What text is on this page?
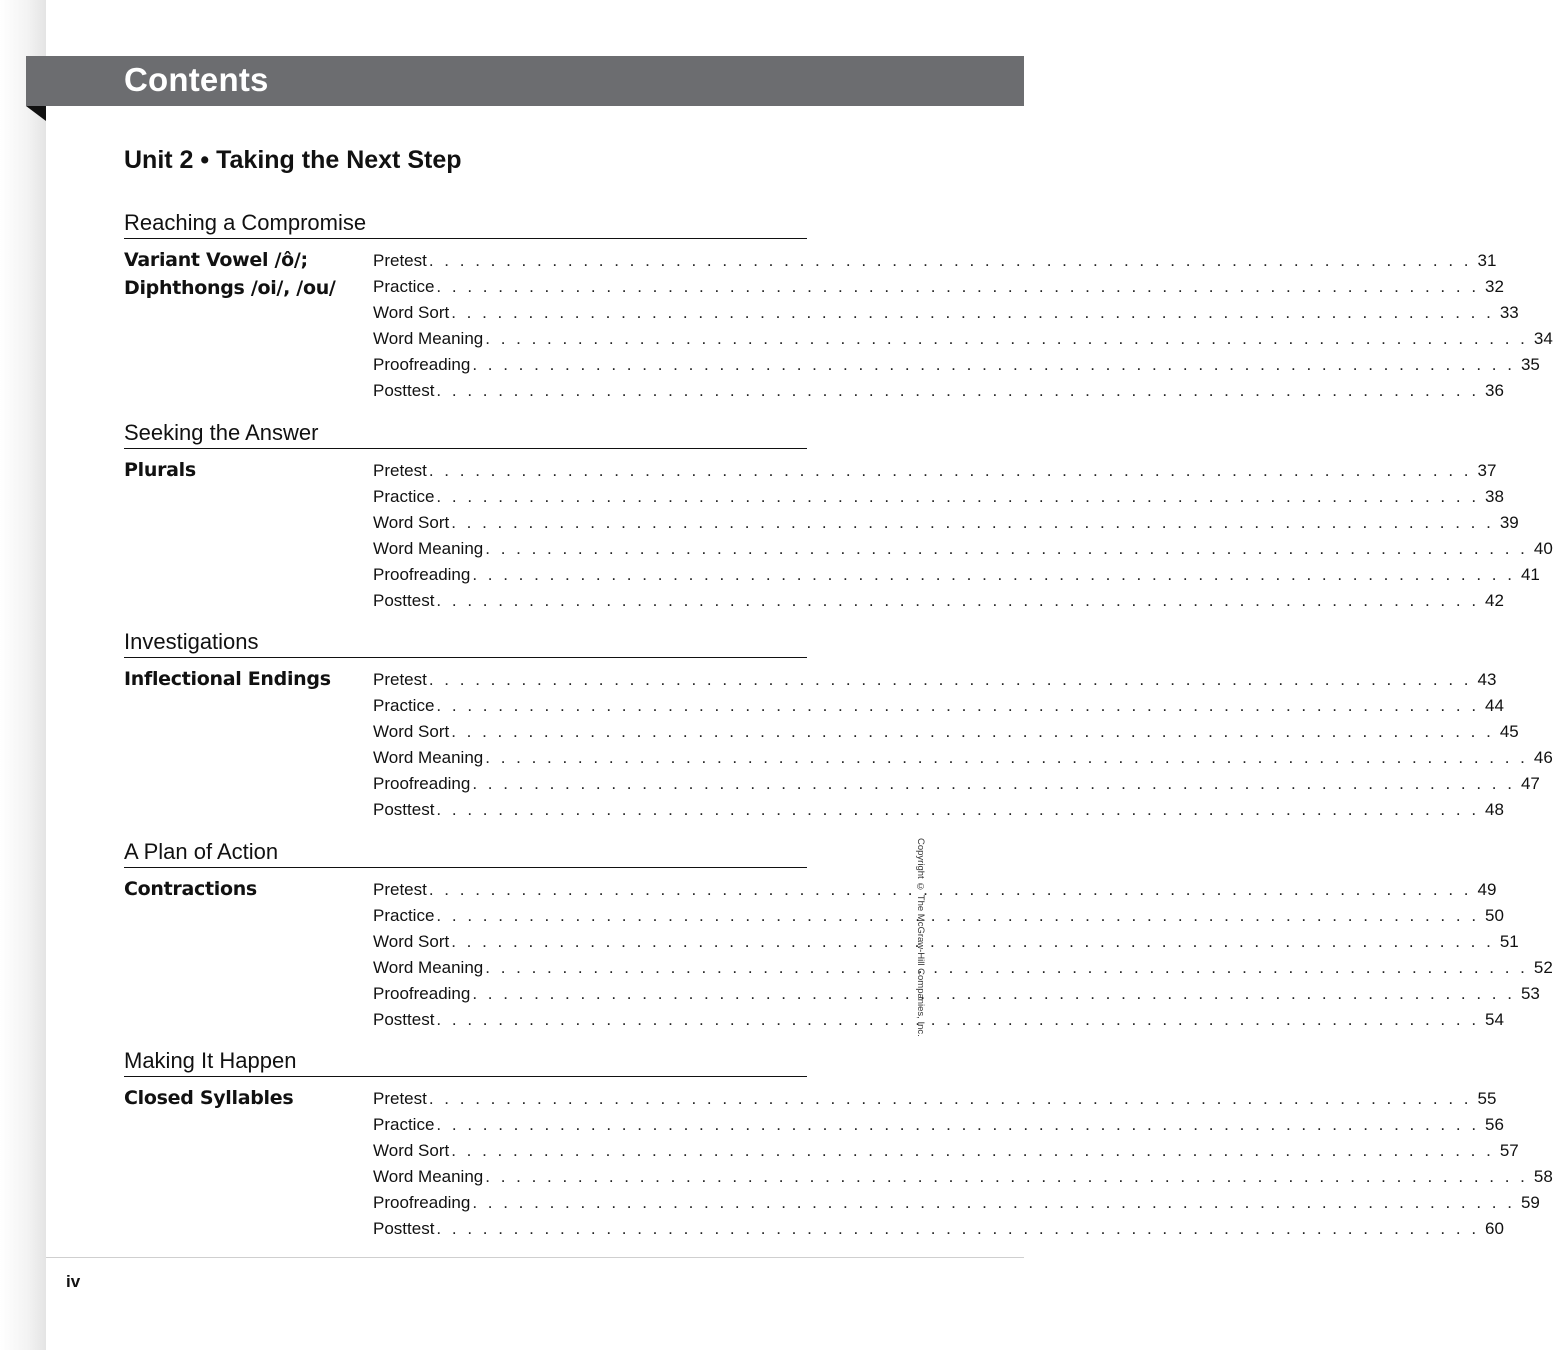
Contents
Unit 2 • Taking the Next Step
Reaching a Compromise
Variant Vowel /ô/;
Diphthongs /oi/, /ou/
Pretest . . . . . . . . . . . . . . . . . . . . . . . . . . . . . . . . . . . . . . . . . . . . . . . . . . . . . . . . . . . . . . . . . . . . 31
Practice . . . . . . . . . . . . . . . . . . . . . . . . . . . . . . . . . . . . . . . . . . . . . . . . . . . . . . . . . . . . . . . . . . . . 32
Word Sort . . . . . . . . . . . . . . . . . . . . . . . . . . . . . . . . . . . . . . . . . . . . . . . . . . . . . . . . . . . . . . . . . . . . 33
Word Meaning . . . . . . . . . . . . . . . . . . . . . . . . . . . . . . . . . . . . . . . . . . . . . . . . . . . . . . . . . . . . . . . . . . . . 34
Proofreading . . . . . . . . . . . . . . . . . . . . . . . . . . . . . . . . . . . . . . . . . . . . . . . . . . . . . . . . . . . . . . . . . . . . 35
Posttest . . . . . . . . . . . . . . . . . . . . . . . . . . . . . . . . . . . . . . . . . . . . . . . . . . . . . . . . . . . . . . . . . . . . 36
Seeking the Answer
Plurals	Pretest . . . . . . . . . . . . . . . . . . . . . . . . . . . . . . . . . . . . . . . . . . . . . . . . . . . . . . . . . . . . . . . . . . . . 37
Practice . . . . . . . . . . . . . . . . . . . . . . . . . . . . . . . . . . . . . . . . . . . . . . . . . . . . . . . . . . . . . . . . . . . . 38
Word Sort . . . . . . . . . . . . . . . . . . . . . . . . . . . . . . . . . . . . . . . . . . . . . . . . . . . . . . . . . . . . . . . . . . . . 39
Word Meaning . . . . . . . . . . . . . . . . . . . . . . . . . . . . . . . . . . . . . . . . . . . . . . . . . . . . . . . . . . . . . . . . . . . . 40
Proofreading . . . . . . . . . . . . . . . . . . . . . . . . . . . . . . . . . . . . . . . . . . . . . . . . . . . . . . . . . . . . . . . . . . . . 41
Posttest . . . . . . . . . . . . . . . . . . . . . . . . . . . . . . . . . . . . . . . . . . . . . . . . . . . . . . . . . . . . . . . . . . . . 42
Investigations
Inflectional Endings	Pretest . . . . . . . . . . . . . . . . . . . . . . . . . . . . . . . . . . . . . . . . . . . . . . . . . . . . . . . . . . . . . . . . . . . . 43
Practice . . . . . . . . . . . . . . . . . . . . . . . . . . . . . . . . . . . . . . . . . . . . . . . . . . . . . . . . . . . . . . . . . . . . 44
Word Sort . . . . . . . . . . . . . . . . . . . . . . . . . . . . . . . . . . . . . . . . . . . . . . . . . . . . . . . . . . . . . . . . . . . . 45
Word Meaning . . . . . . . . . . . . . . . . . . . . . . . . . . . . . . . . . . . . . . . . . . . . . . . . . . . . . . . . . . . . . . . . . . . . 46
Proofreading . . . . . . . . . . . . . . . . . . . . . . . . . . . . . . . . . . . . . . . . . . . . . . . . . . . . . . . . . . . . . . . . . . . . 47
Posttest . . . . . . . . . . . . . . . . . . . . . . . . . . . . . . . . . . . . . . . . . . . . . . . . . . . . . . . . . . . . . . . . . . . . 48
A Plan of Action
Contractions	Pretest . . . . . . . . . . . . . . . . . . . . . . . . . . . . . . . . . . . . . . . . . . . . . . . . . . . . . . . . . . . . . . . . . . . . 49
Practice . . . . . . . . . . . . . . . . . . . . . . . . . . . . . . . . . . . . . . . . . . . . . . . . . . . . . . . . . . . . . . . . . . . . 50
Word Sort . . . . . . . . . . . . . . . . . . . . . . . . . . . . . . . . . . . . . . . . . . . . . . . . . . . . . . . . . . . . . . . . . . . . 51
Word Meaning . . . . . . . . . . . . . . . . . . . . . . . . . . . . . . . . . . . . . . . . . . . . . . . . . . . . . . . . . . . . . . . . . . . . 52
Proofreading . . . . . . . . . . . . . . . . . . . . . . . . . . . . . . . . . . . . . . . . . . . . . . . . . . . . . . . . . . . . . . . . . . . . 53
Posttest . . . . . . . . . . . . . . . . . . . . . . . . . . . . . . . . . . . . . . . . . . . . . . . . . . . . . . . . . . . . . . . . . . . . 54
Making It Happen
Closed Syllables	Pretest . . . . . . . . . . . . . . . . . . . . . . . . . . . . . . . . . . . . . . . . . . . . . . . . . . . . . . . . . . . . . . . . . . . . 55
Practice . . . . . . . . . . . . . . . . . . . . . . . . . . . . . . . . . . . . . . . . . . . . . . . . . . . . . . . . . . . . . . . . . . . . 56
Word Sort . . . . . . . . . . . . . . . . . . . . . . . . . . . . . . . . . . . . . . . . . . . . . . . . . . . . . . . . . . . . . . . . . . . . 57
Word Meaning . . . . . . . . . . . . . . . . . . . . . . . . . . . . . . . . . . . . . . . . . . . . . . . . . . . . . . . . . . . . . . . . . . . . 58
Proofreading . . . . . . . . . . . . . . . . . . . . . . . . . . . . . . . . . . . . . . . . . . . . . . . . . . . . . . . . . . . . . . . . . . . . 59
Posttest . . . . . . . . . . . . . . . . . . . . . . . . . . . . . . . . . . . . . . . . . . . . . . . . . . . . . . . . . . . . . . . . . . . . 60
Copyright © The McGraw-Hill Companies, Inc.
iv
